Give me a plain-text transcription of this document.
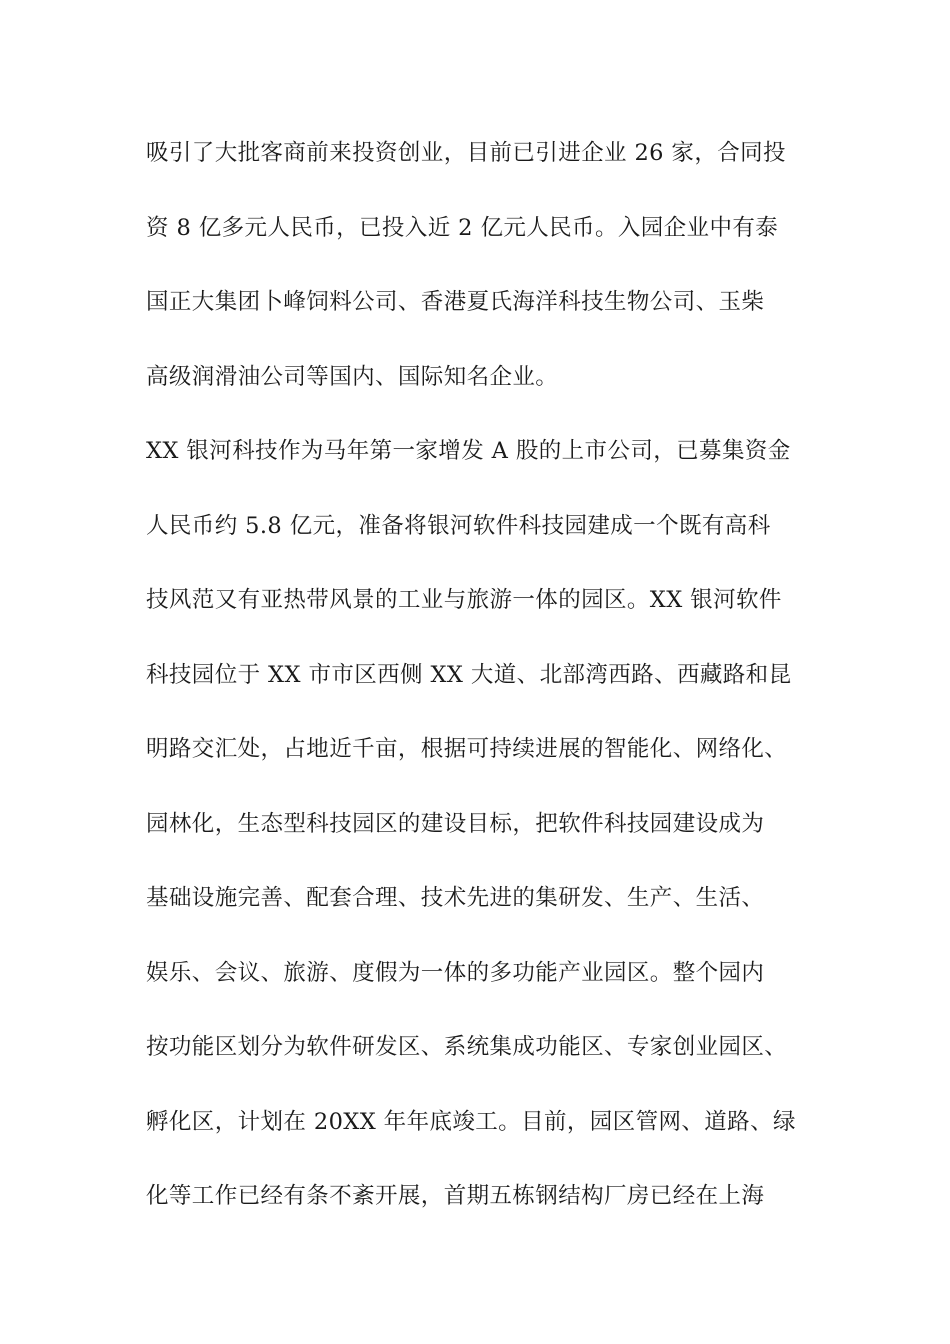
吸引了大批客商前来投资创业，目前已引进企业 26 家，合同投
资 8 亿多元人民币，已投入近 2 亿元人民币。入园企业中有泰
国正大集团卜峰饲料公司、香港夏氏海洋科技生物公司、玉柴
高级润滑油公司等国内、国际知名企业。
XX 银河科技作为马年第一家增发 A 股的上市公司，已募集资金
人民币约 5.8 亿元，准备将银河软件科技园建成一个既有高科
技风范又有亚热带风景的工业与旅游一体的园区。XX 银河软件
科技园位于 XX 市市区西侧 XX 大道、北部湾西路、西藏路和昆
明路交汇处，占地近千亩，根据可持续进展的智能化、网络化、
园林化，生态型科技园区的建设目标，把软件科技园建设成为
基础设施完善、配套合理、技术先进的集研发、生产、生活、
娱乐、会议、旅游、度假为一体的多功能产业园区。整个园内
按功能区划分为软件研发区、系统集成功能区、专家创业园区、
孵化区，计划在 20XX 年年底竣工。目前，园区管网、道路、绿
化等工作已经有条不紊开展，首期五栋钢结构厂房已经在上海
